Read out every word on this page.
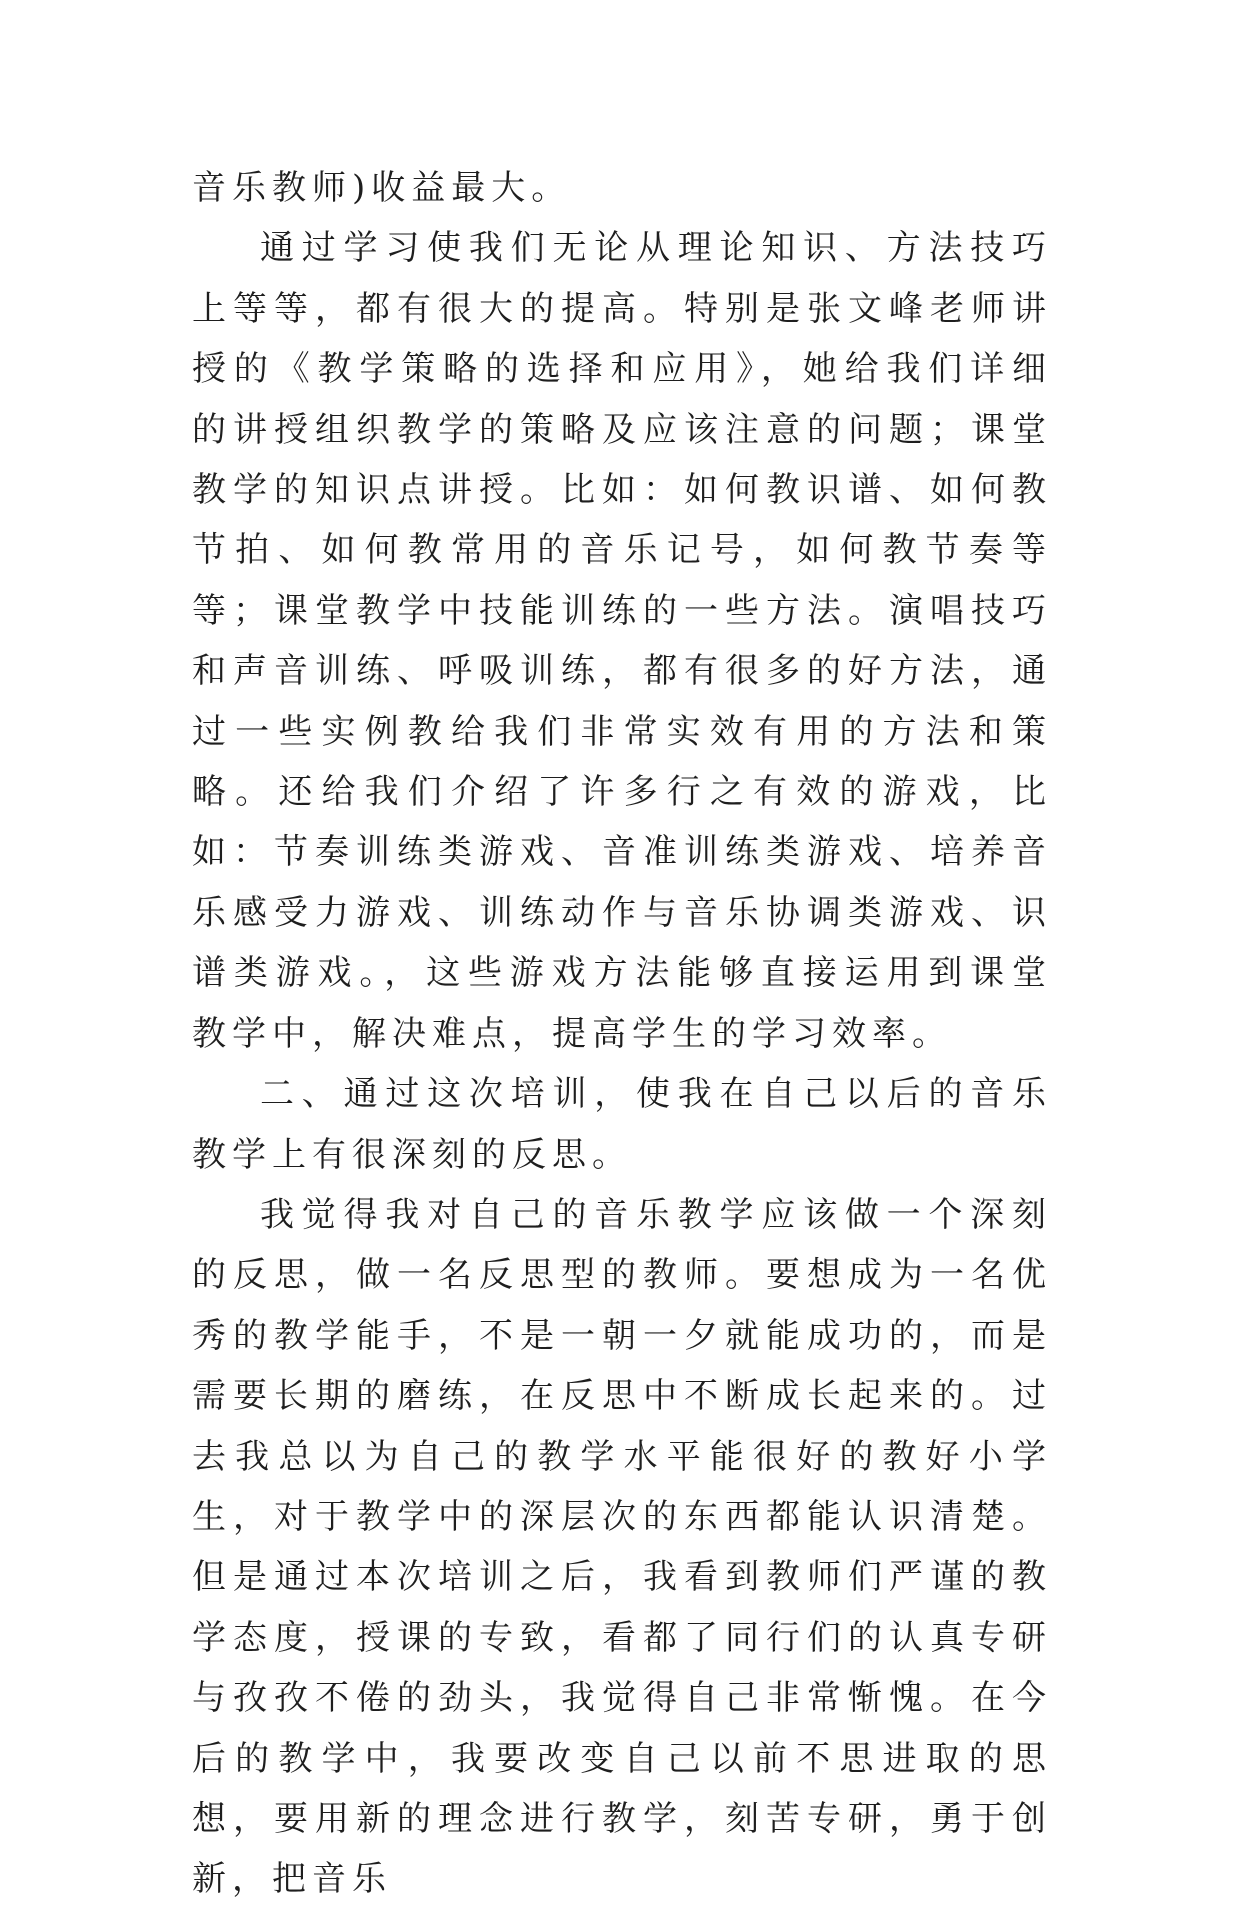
音乐教师)收益最大。

通过学习使我们无论从理论知识、方法技巧上等等，都有很大的提高。特别是张文峰老师讲授的《教学策略的选择和应用》，她给我们详细的讲授组织教学的策略及应该注意的问题；课堂教学的知识点讲授。比如：如何教识谱、如何教节拍、如何教常用的音乐记号，如何教节奏等等；课堂教学中技能训练的一些方法。演唱技巧和声音训练、呼吸训练，都有很多的好方法，通过一些实例教给我们非常实效有用的方法和策略。还给我们介绍了许多行之有效的游戏，比如：节奏训练类游戏、音准训练类游戏、培养音乐感受力游戏、训练动作与音乐协调类游戏、识谱类游戏。，这些游戏方法能够直接运用到课堂教学中，解决难点，提高学生的学习效率。

二、通过这次培训，使我在自己以后的音乐教学上有很深刻的反思。

我觉得我对自己的音乐教学应该做一个深刻的反思，做一名反思型的教师。要想成为一名优秀的教学能手，不是一朝一夕就能成功的，而是需要长期的磨练，在反思中不断成长起来的。过去我总以为自己的教学水平能很好的教好小学生，对于教学中的深层次的东西都能认识清楚。但是通过本次培训之后，我看到教师们严谨的教学态度，授课的专致，看都了同行们的认真专研与孜孜不倦的劲头，我觉得自己非常惭愧。在今后的教学中，我要改变自己以前不思进取的思想，要用新的理念进行教学，刻苦专研，勇于创新，把音乐
